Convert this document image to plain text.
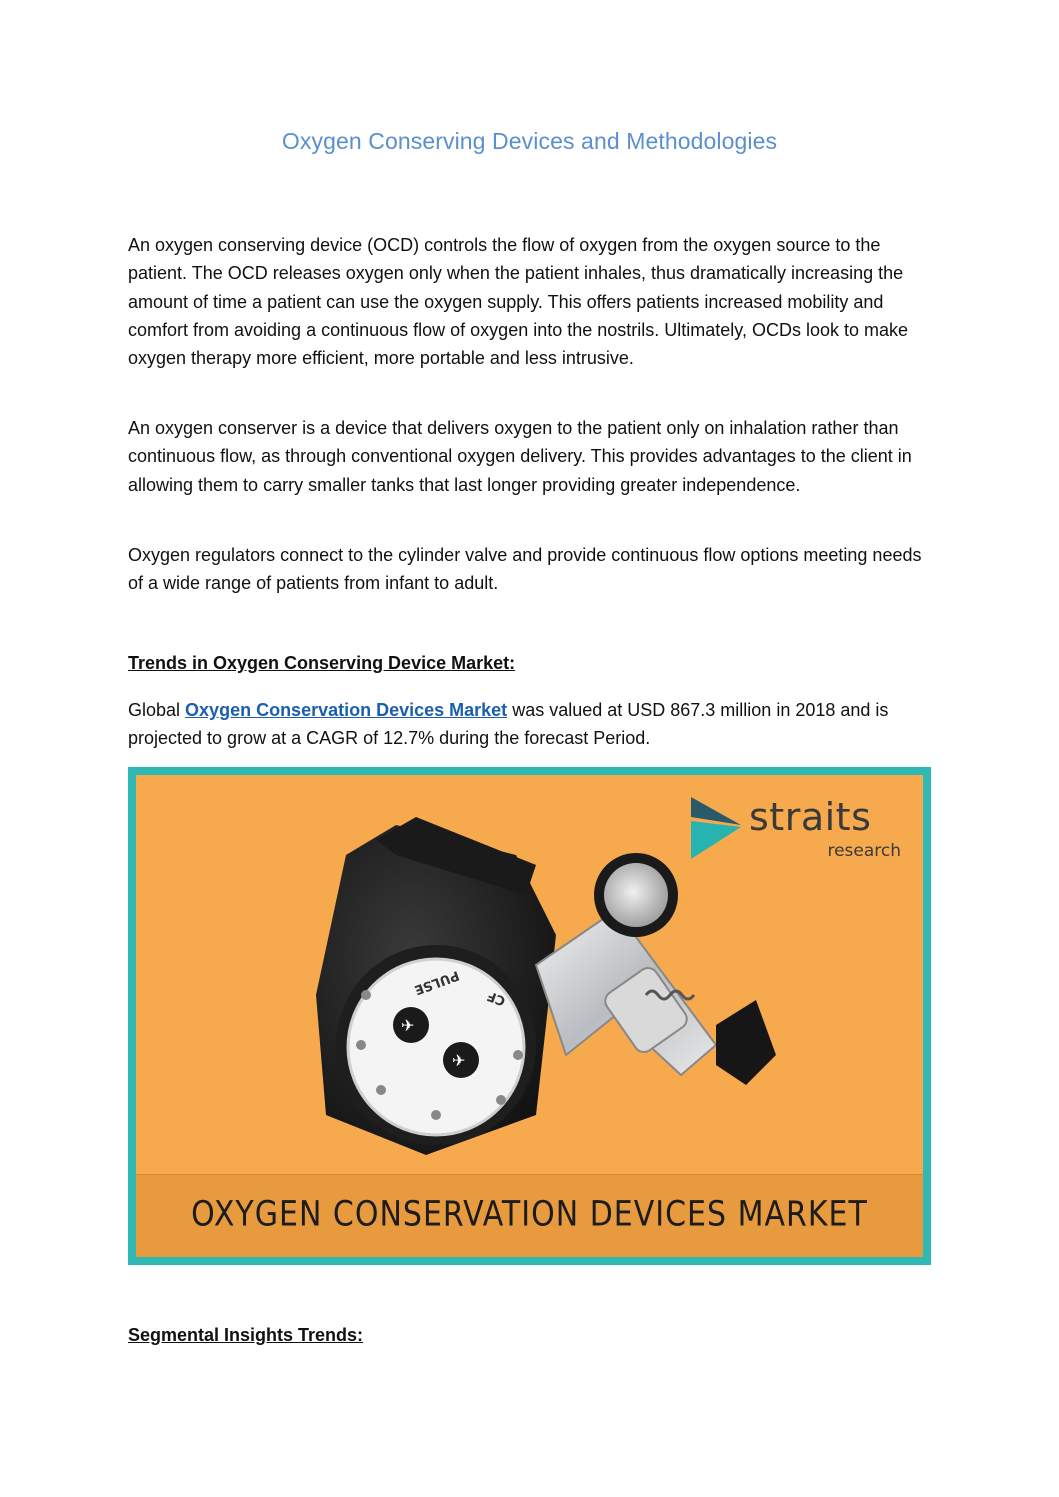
Oxygen Conserving Devices and Methodologies

An oxygen conserving device (OCD) controls the flow of oxygen from the oxygen source to the patient. The OCD releases oxygen only when the patient inhales, thus dramatically increasing the amount of time a patient can use the oxygen supply. This offers patients increased mobility and comfort from avoiding a continuous flow of oxygen into the nostrils. Ultimately, OCDs look to make oxygen therapy more efficient, more portable and less intrusive.

An oxygen conserver is a device that delivers oxygen to the patient only on inhalation rather than continuous flow, as through conventional oxygen delivery. This provides advantages to the client in allowing them to carry smaller tanks that last longer providing greater independence.

Oxygen regulators connect to the cylinder valve and provide continuous flow options meeting needs of a wide range of patients from infant to adult.

Trends in Oxygen Conserving Device Market:

Global Oxygen Conservation Devices Market was valued at USD 867.3 million in 2018 and is projected to grow at a CAGR of 12.7% during the forecast Period.

straits
research
✈
✈
PULSE
CF
OXYGEN CONSERVATION DEVICES MARKET

Segmental Insights Trends:
